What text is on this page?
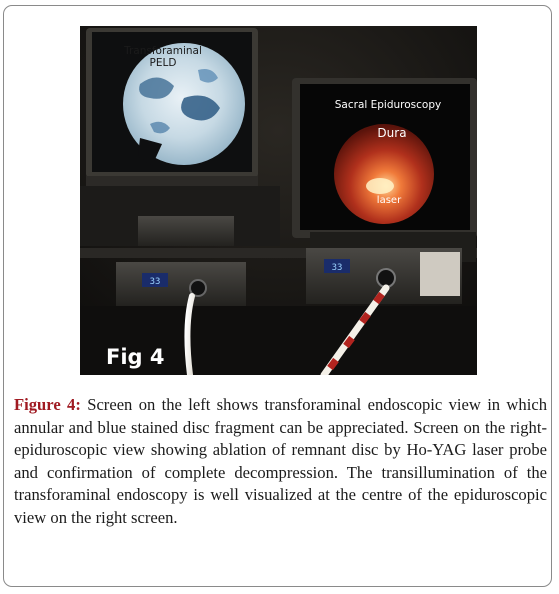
33
33
Transforaminal
PELD
Sacral Epiduroscopy
Dura
laser
Fig 4

Figure 4: Screen on the left shows transforaminal endoscopic view in which annular and blue stained disc fragment can be appreciated. Screen on the right- epiduroscopic view showing ablation of remnant disc by Ho-YAG laser probe and confirmation of complete decompression. The transillumination of the transforaminal endoscopy is well visualized at the centre of the epiduroscopic view on the right screen.
